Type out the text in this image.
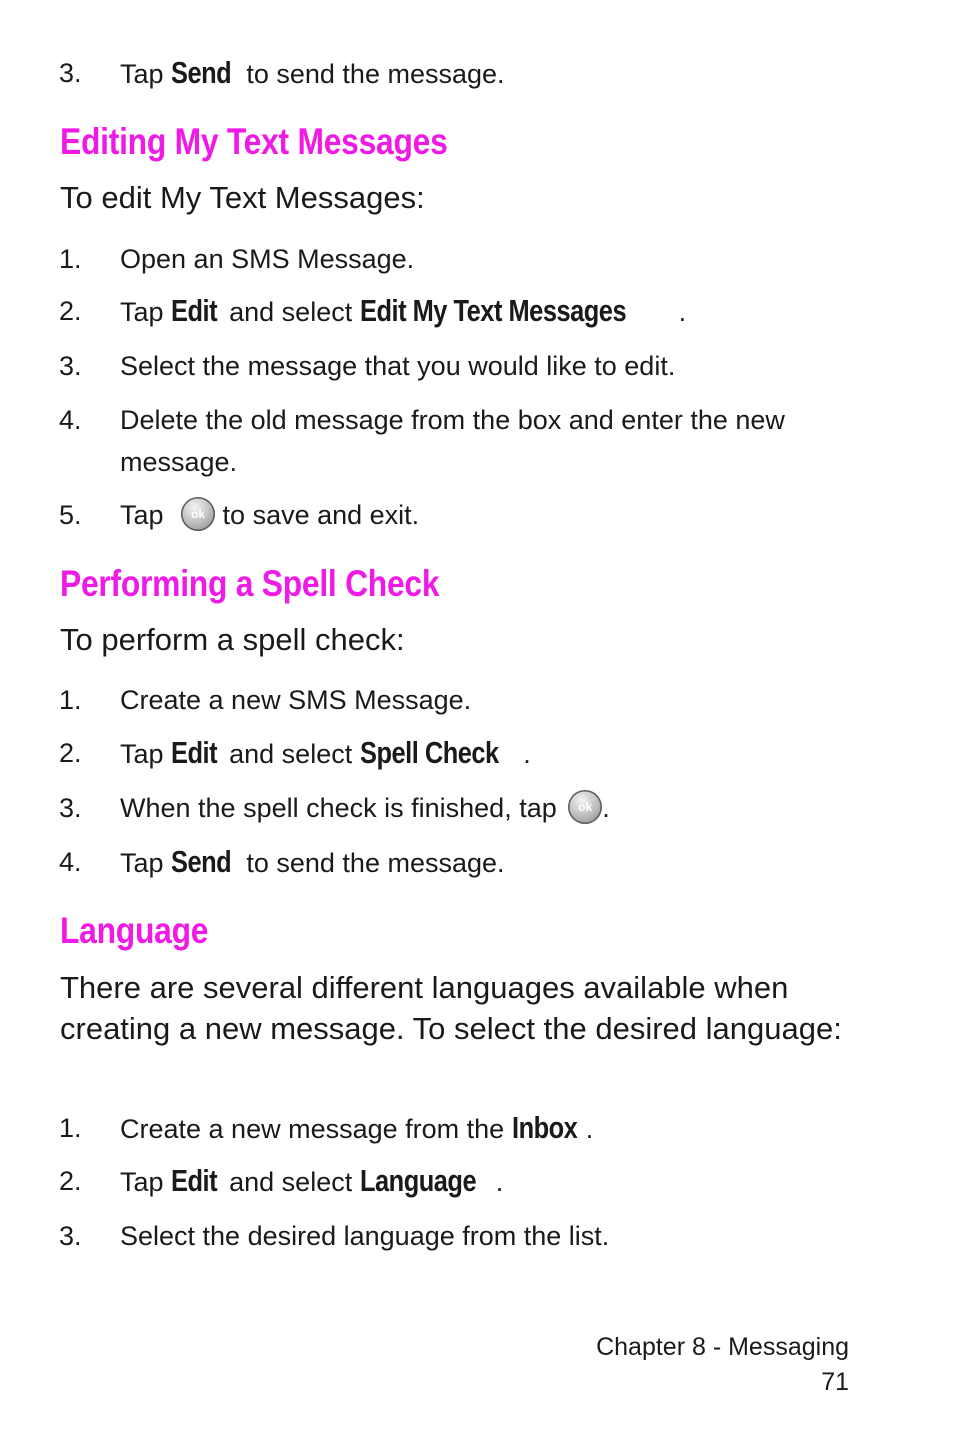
3. Tap Send to send the message.
Editing My Text Messages
To edit My Text Messages:
1. Open an SMS Message.
2. Tap Edit and select Edit My Text Messages .
3. Select the message that you would like to edit.
4. Delete the old message from the box and enter the new message.
5. Tap	ok to save and exit.
Performing a Spell Check
To perform a spell check:
1. Create a new SMS Message.
2. Tap Edit and select Spell Check .
3. When the spell check is finished, tap	ok .
4. Tap Send to send the message.
Language
There are several different languages available when creating a new message. To select the desired language:
1. Create a new message from the Inbox .
2. Tap Edit and select Language .
3. Select the desired language from the list.
Chapter 8 - Messaging
71
